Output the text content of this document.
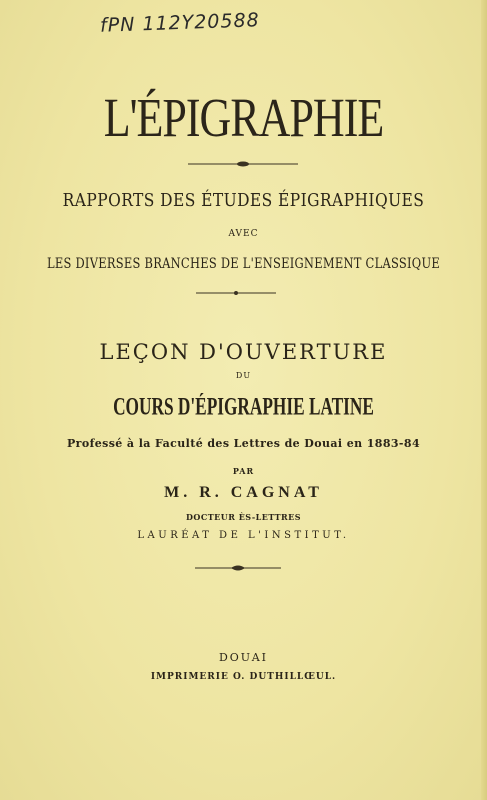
fPN 112Y20588
L'ÉPIGRAPHIE
RAPPORTS DES ÉTUDES ÉPIGRAPHIQUES
AVEC
LES DIVERSES BRANCHES DE L'ENSEIGNEMENT CLASSIQUE
LEÇON D'OUVERTURE
DU
COURS D'ÉPIGRAPHIE LATINE
Professé à la Faculté des Lettres de Douai en 1883-84
PAR
M. R. CAGNAT
DOCTEUR ÈS-LETTRES
LAURÉAT DE L'INSTITUT.
DOUAI
IMPRIMERIE O. DUTHILLŒUL.
